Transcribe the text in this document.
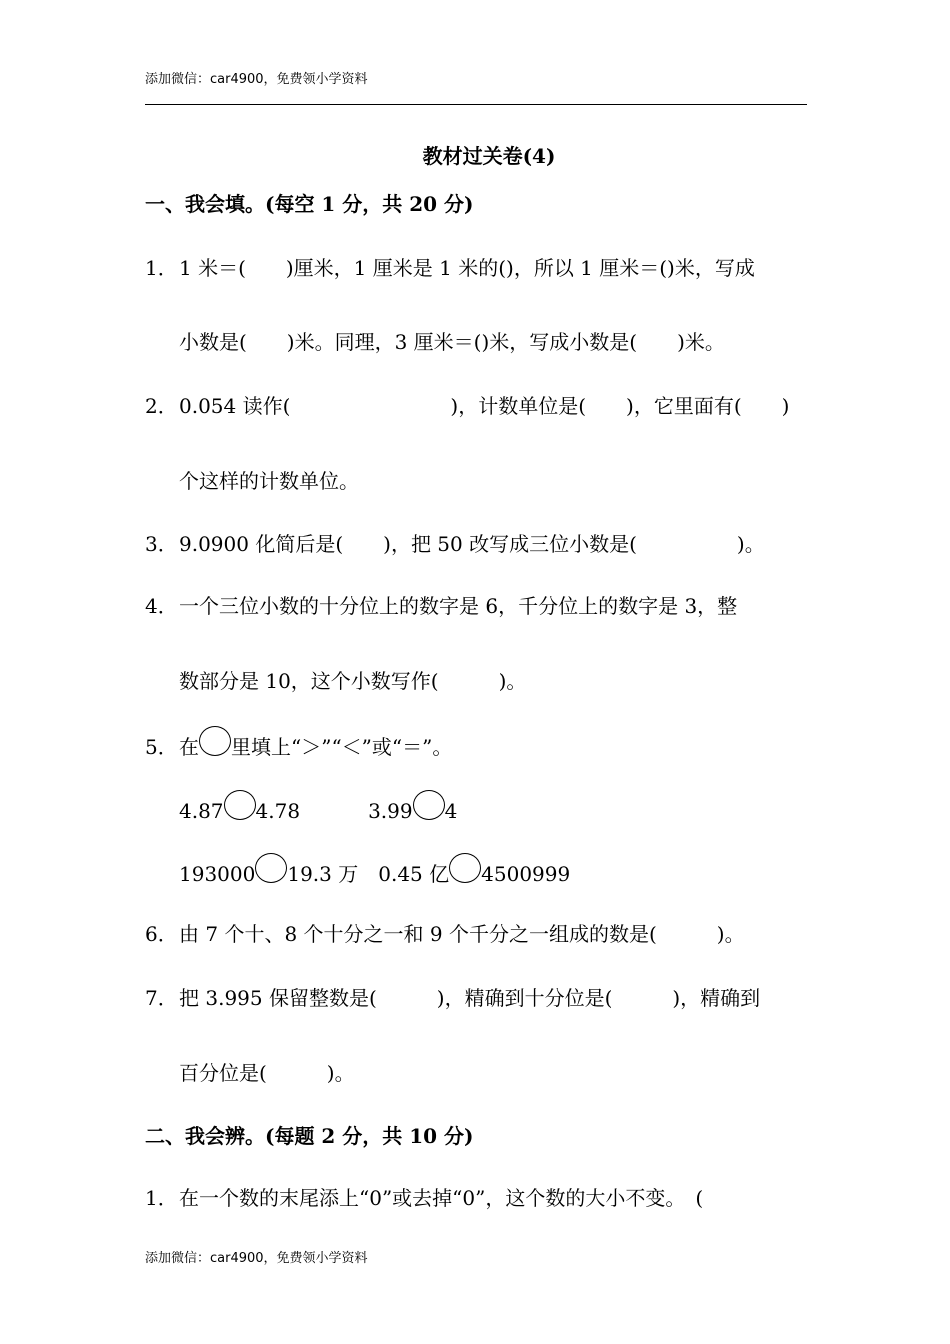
添加微信：car4900，免费领小学资料
教材过关卷(4)
一、我会填。(每空 1 分，共 20 分)
1．1 米＝(　　)厘米，1 厘米是 1 米的()，所以 1 厘米＝()米，写成
小数是(　　)米。同理，3 厘米＝()米，写成小数是(　　)米。
2．0.054 读作(　　　　　　　　)，计数单位是(　　)，它里面有(　　)
个这样的计数单位。
3．9.0900 化简后是(　　)，把 50 改写成三位小数是(　　　　　)。
4．一个三位小数的十分位上的数字是 6，千分位上的数字是 3，整
数部分是 10，这个小数写作(　　　)。
5．在 里填上“＞”“＜”或“＝”。
4.87 4.78	3.99 4
193000 19.3 万 0.45 亿 4500999
6．由 7 个十、8 个十分之一和 9 个千分之一组成的数是(　　　)。
7．把 3.995 保留整数是(　　　)，精确到十分位是(　　　)，精确到
百分位是(　　　)。
二、我会辨。(每题 2 分，共 10 分)
1．在一个数的末尾添上“0”或去掉“0”，这个数的大小不变。　(
添加微信：car4900，免费领小学资料
